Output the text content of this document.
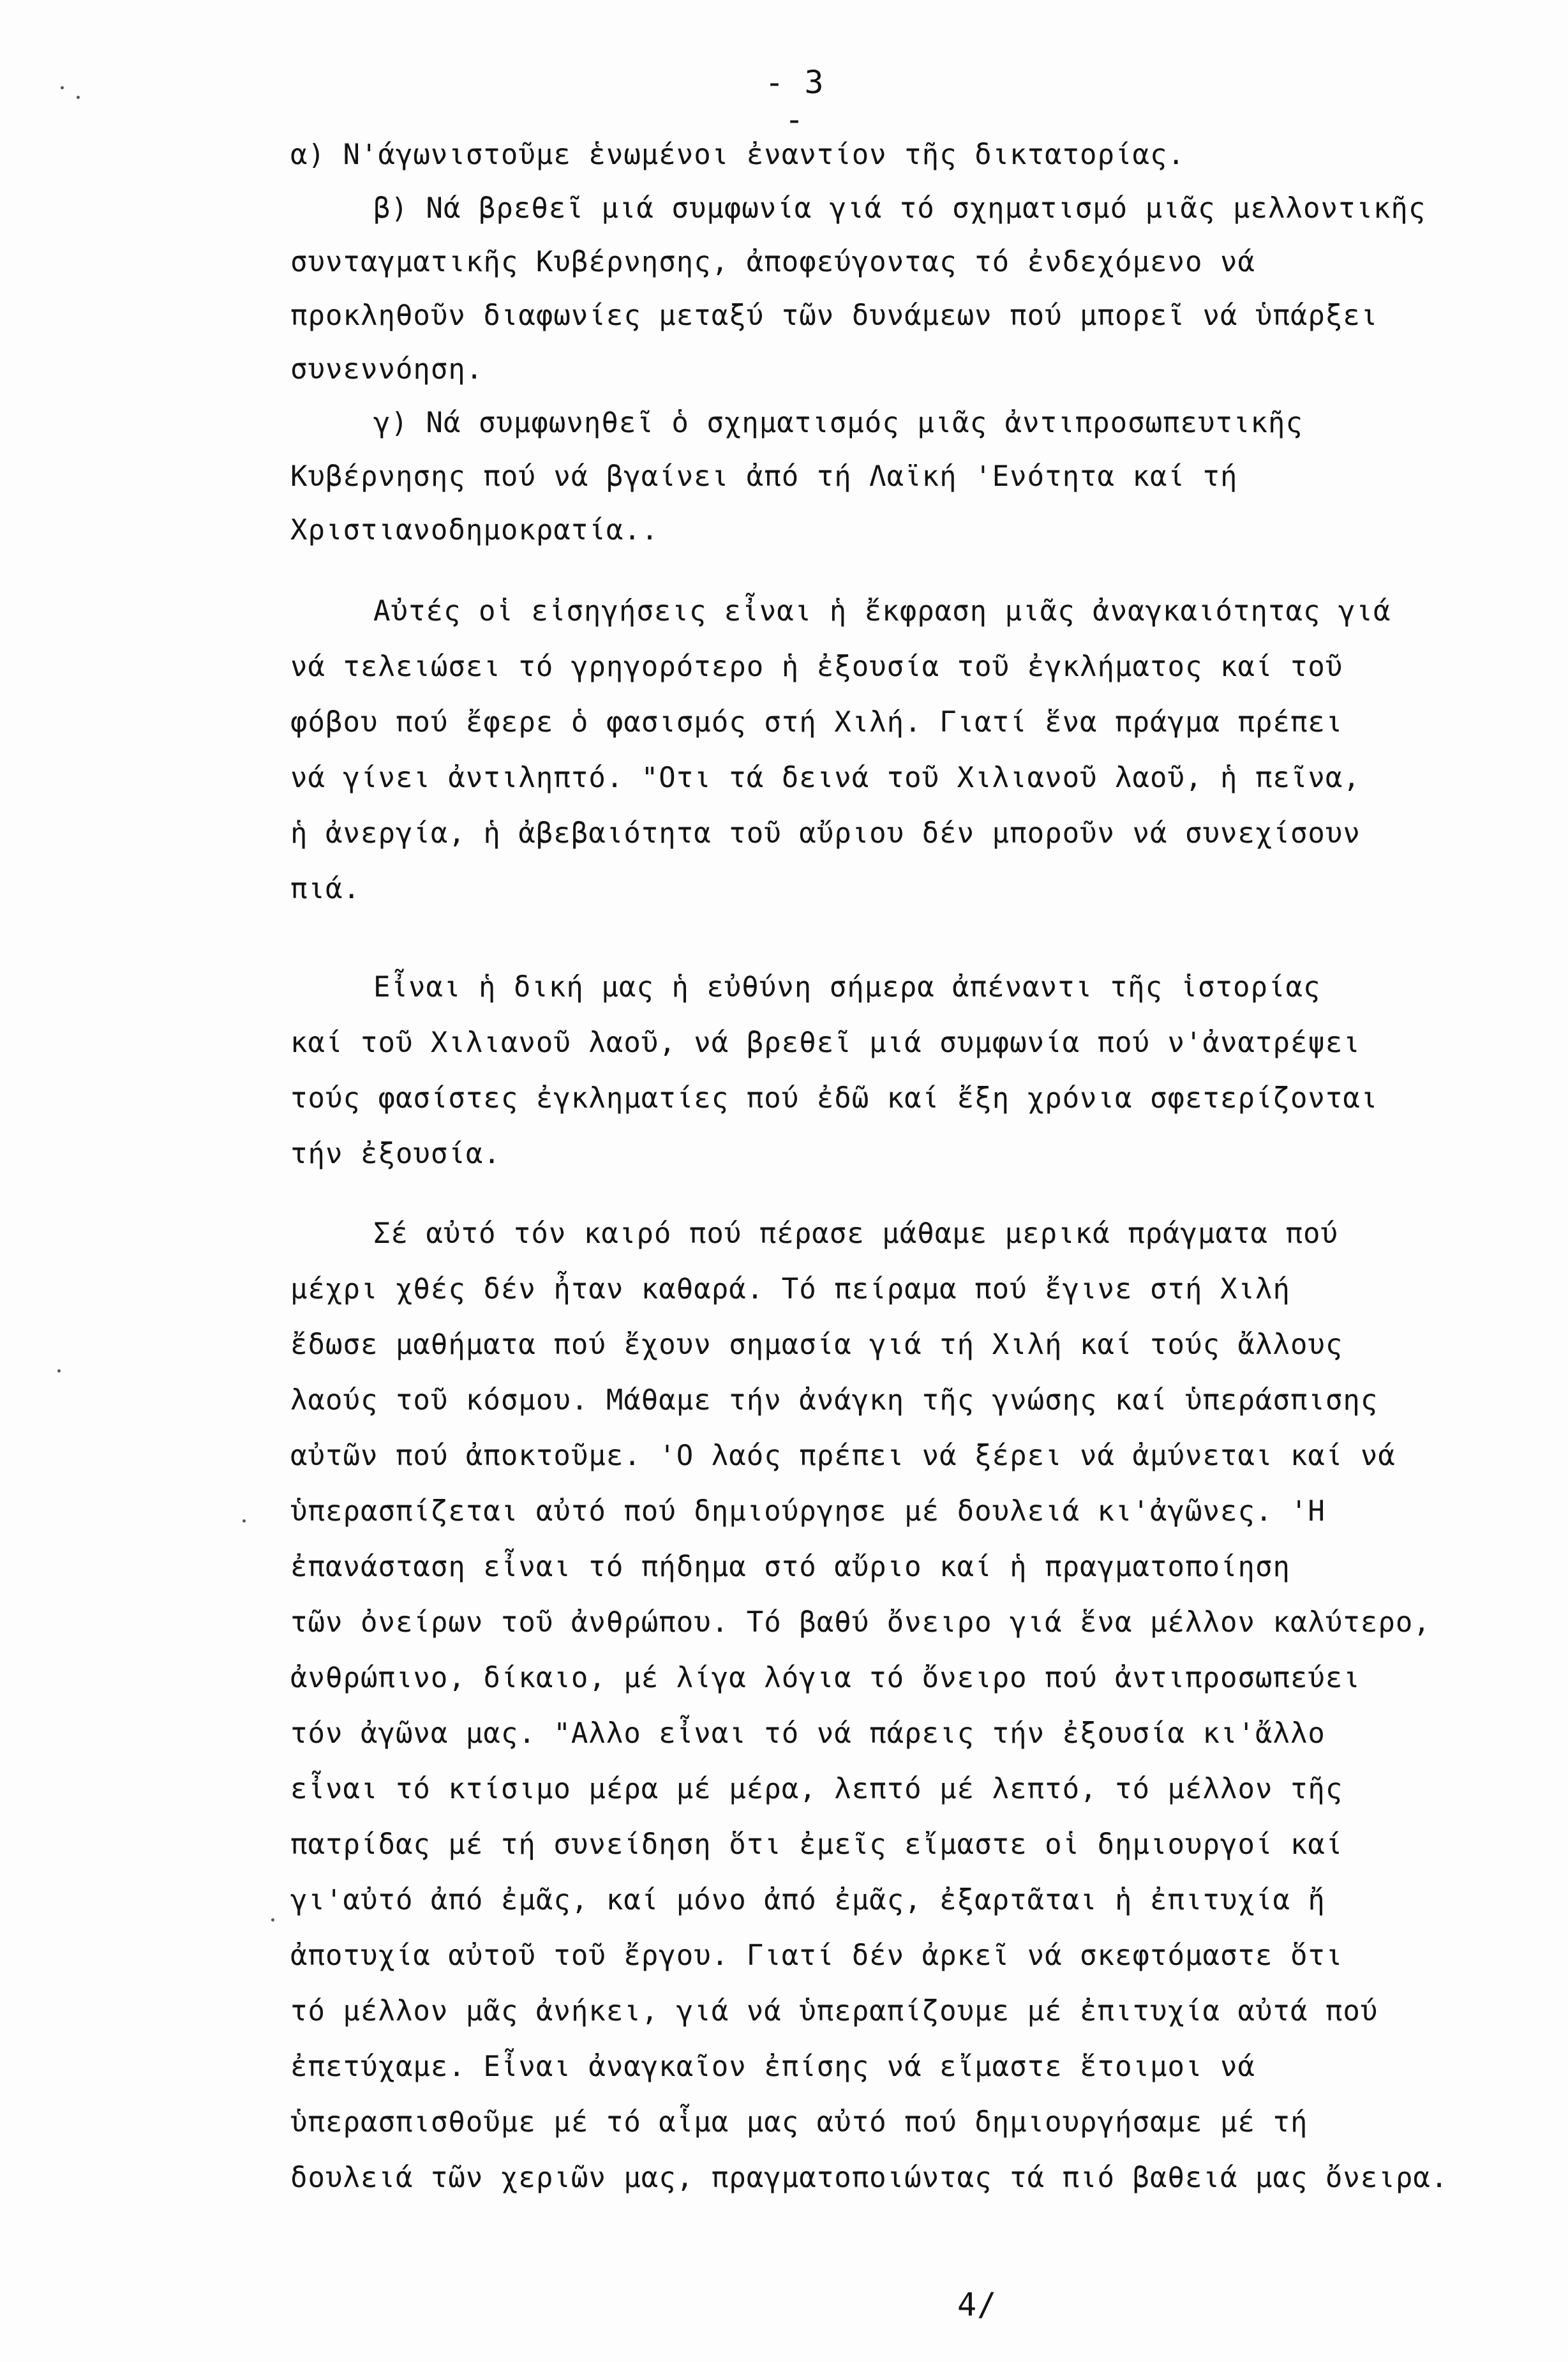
- 3 -
α) Ν'άγωνιστοῦμε ἑνωμένοι ἐναντίον τῆς δικτατορίας.
β) Νά βρεθεῖ μιά συμφωνία γιά τό σχηματισμό μιᾶς μελλοντικῆς
συνταγματικῆς Κυβέρνησης, ἀποφεύγοντας τό ἐνδεχόμενο νά
προκληθοῦν διαφωνίες μεταξύ τῶν δυνάμεων πού μπορεῖ νά ὑπάρξει
συνεννόηση.
γ) Νά συμφωνηθεῖ ὁ σχηματισμός μιᾶς ἀντιπροσωπευτικῆς
Κυβέρνησης πού νά βγαίνει ἀπό τή Λαϊκή 'Ενότητα καί τή
Χριστιανοδημοκρατία..
Αὐτές οἱ εἰσηγήσεις εἶναι ἡ ἔκφραση μιᾶς ἀναγκαιότητας γιά
νά τελειώσει τό γρηγορότερο ἡ ἐξουσία τοῦ ἐγκλήματος καί τοῦ
φόβου πού ἔφερε ὁ φασισμός στή Χιλή. Γιατί ἕνα πράγμα πρέπει
νά γίνει ἀντιληπτό. "Οτι τά δεινά τοῦ Χιλιανοῦ λαοῦ, ἡ πεῖνα,
ἡ ἀνεργία, ἡ ἀβεβαιότητα τοῦ αὔριου δέν μποροῦν νά συνεχίσουν
πιά.
Εἶναι ἡ δική μας ἡ εὐθύνη σήμερα ἀπέναντι τῆς ἱστορίας
καί τοῦ Χιλιανοῦ λαοῦ, νά βρεθεῖ μιά συμφωνία πού ν'ἀνατρέψει
τούς φασίστες ἐγκληματίες πού ἐδῶ καί ἔξη χρόνια σφετερίζονται
τήν ἐξουσία.
Σέ αὐτό τόν καιρό πού πέρασε μάθαμε μερικά πράγματα πού
μέχρι χθές δέν ἦταν καθαρά. Τό πείραμα πού ἔγινε στή Χιλή
ἔδωσε μαθήματα πού ἔχουν σημασία γιά τή Χιλή καί τούς ἄλλους
λαούς τοῦ κόσμου. Μάθαμε τήν ἀνάγκη τῆς γνώσης καί ὑπεράσπισης
αὐτῶν πού ἀποκτοῦμε. 'Ο λαός πρέπει νά ξέρει νά ἀμύνεται καί νά
ὑπερασπίζεται αὐτό πού δημιούργησε μέ δουλειά κι'ἀγῶνες. 'Η
ἐπανάσταση εἶναι τό πήδημα στό αὔριο καί ἡ πραγματοποίηση
τῶν ὀνείρων τοῦ ἀνθρώπου. Τό βαθύ ὄνειρο γιά ἕνα μέλλον καλύτερο,
ἀνθρώπινο, δίκαιο, μέ λίγα λόγια τό ὄνειρο πού ἀντιπροσωπεύει
τόν ἀγῶνα μας. "Αλλο εἶναι τό νά πάρεις τήν ἐξουσία κι'ἄλλο
εἶναι τό κτίσιμο μέρα μέ μέρα, λεπτό μέ λεπτό, τό μέλλον τῆς
πατρίδας μέ τή συνείδηση ὅτι ἐμεῖς εἴμαστε οἱ δημιουργοί καί
γι'αὐτό ἀπό ἐμᾶς, καί μόνο ἀπό ἐμᾶς, ἐξαρτᾶται ἡ ἐπιτυχία ἤ
ἀποτυχία αὐτοῦ τοῦ ἔργου. Γιατί δέν ἀρκεῖ νά σκεφτόμαστε ὅτι
τό μέλλον μᾶς ἀνήκει, γιά νά ὑπεραπίζουμε μέ ἐπιτυχία αὐτά πού
ἐπετύχαμε. Εἶναι ἀναγκαῖον ἐπίσης νά εἴμαστε ἕτοιμοι νά
ὑπερασπισθοῦμε μέ τό αἷμα μας αὐτό πού δημιουργήσαμε μέ τή
δουλειά τῶν χεριῶν μας, πραγματοποιώντας τά πιό βαθειά μας ὄνειρα.
4/
